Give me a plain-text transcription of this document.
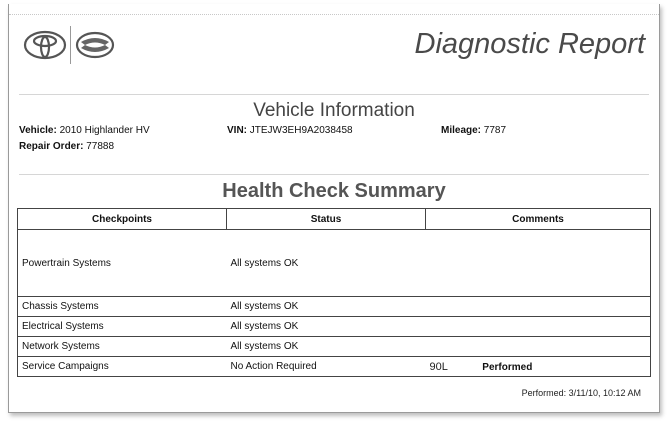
Diagnostic Report
Vehicle Information
Vehicle: 2010 Highlander HV	VIN: JTEJW3EH9A2038458	Mileage: 7787
Repair Order: 77888
Health Check Summary
Checkpoints	Status	Comments
Powertrain Systems	All systems OK	
Chassis Systems	All systems OK	
Electrical Systems	All systems OK	
Network Systems	All systems OK	
Service Campaigns	No Action Required	90L Performed
Performed: 3/11/10, 10:12 AM
